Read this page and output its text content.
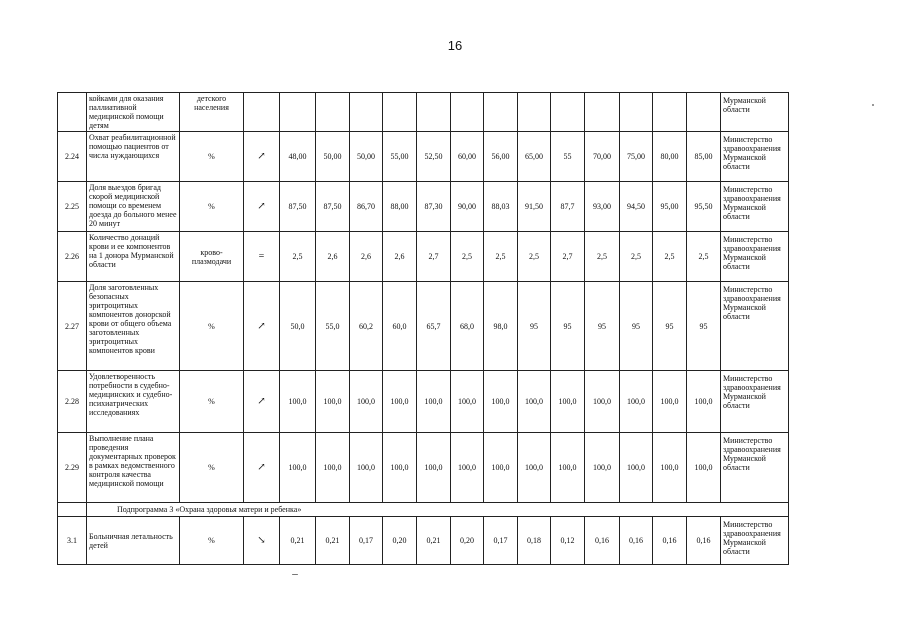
16
	койками для оказания паллиативной медицинской помощи детям	детского населения															Мурманской области
2.24	Охват реабилитационной помощью пациентов от числа нуждающихся	%	↗	48,00	50,00	50,00	55,00	52,50	60,00	56,00	65,00	55	70,00	75,00	80,00	85,00	Министерство здравоохранения Мурманской области
2.25	Доля выездов бригад скорой медицинской помощи со временем доезда до больного менее 20 минут	%	↗	87,50	87,50	86,70	88,00	87,30	90,00	88,03	91,50	87,7	93,00	94,50	95,00	95,50	Министерство здравоохранения Мурманской области
2.26	Количество донаций крови и ее компонентов на 1 донора Мурманской области	крово-плазмодачи	=	2,5	2,6	2,6	2,6	2,7	2,5	2,5	2,5	2,7	2,5	2,5	2,5	2,5	Министерство здравоохранения Мурманской области
2.27	Доля заготовленных безопасных эритроцитных компонентов донорской крови от общего объема заготовленных эритроцитных компонентов крови	%	↗	50,0	55,0	60,2	60,0	65,7	68,0	98,0	95	95	95	95	95	95	Министерство здравоохранения Мурманской области
2.28	Удовлетворенность потребности в судебно-медицинских и судебно-психиатрических исследованиях	%	↗	100,0	100,0	100,0	100,0	100,0	100,0	100,0	100,0	100,0	100,0	100,0	100,0	100,0	Министерство здравоохранения Мурманской области
2.29	Выполнение плана проведения документарных проверок в рамках ведомственного контроля качества медицинской помощи	%	↗	100,0	100,0	100,0	100,0	100,0	100,0	100,0	100,0	100,0	100,0	100,0	100,0	100,0	Министерство здравоохранения Мурманской области
	Подпрограмма 3 «Охрана здоровья матери и ребенка»																
3.1	Больничная летальность детей	%	↘	0,21	0,21	0,17	0,20	0,21	0,20	0,17	0,18	0,12	0,16	0,16	0,16	0,16	Министерство здравоохранения Мурманской области
